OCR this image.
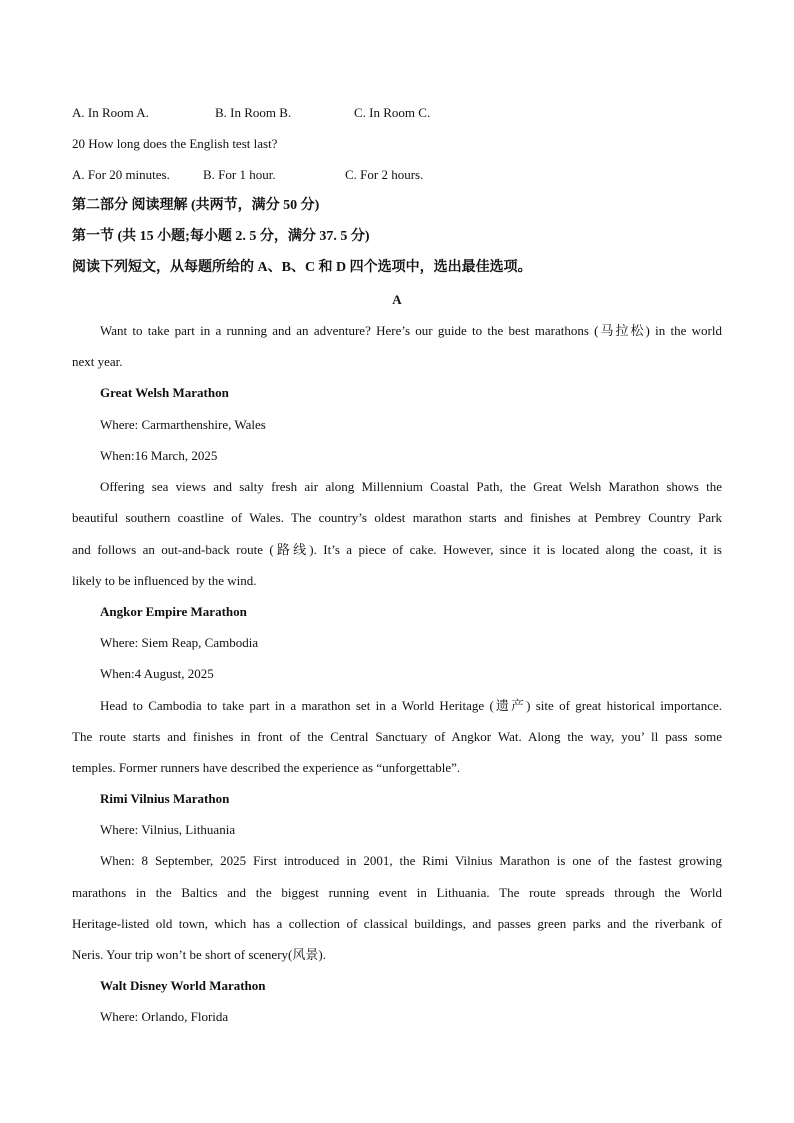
A. In Room A.	B. In Room B.	C. In Room C.
20 How long does the English test last?
A. For 20 minutes.	B. For 1 hour.	C. For 2 hours.
第二部分 阅读理解 (共两节，满分 50 分)
第一节 (共 15 小题;每小题 2. 5 分，满分 37. 5 分)
阅读下列短文，从每题所给的 A、B、C 和 D 四个选项中，选出最佳选项。
A
Want to take part in a running and an adventure? Here’s our guide to the best marathons (马拉松) in the world
next year.
Great Welsh Marathon
Where: Carmarthenshire, Wales
When:16 March, 2025
Offering sea views and salty fresh air along Millennium Coastal Path, the Great Welsh Marathon shows the
beautiful southern coastline of Wales. The country’s oldest marathon starts and finishes at Pembrey Country Park
and follows an out-and-back route (路线). It’s a piece of cake. However, since it is located along the coast, it is
likely to be influenced by the wind.
Angkor Empire Marathon
Where: Siem Reap, Cambodia
When:4 August, 2025
Head to Cambodia to take part in a marathon set in a World Heritage (遗产) site of great historical importance.
The route starts and finishes in front of the Central Sanctuary of Angkor Wat. Along the way, you’ ll pass some
temples. Former runners have described the experience as “unforgettable”.
Rimi Vilnius Marathon
Where: Vilnius, Lithuania
When: 8 September, 2025 First introduced in 2001, the Rimi Vilnius Marathon is one of the fastest growing
marathons in the Baltics and the biggest running event in Lithuania. The route spreads through the World
Heritage-listed old town, which has a collection of classical buildings, and passes green parks and the riverbank of
Neris. Your trip won’t be short of scenery(风景).
Walt Disney World Marathon
Where: Orlando, Florida
